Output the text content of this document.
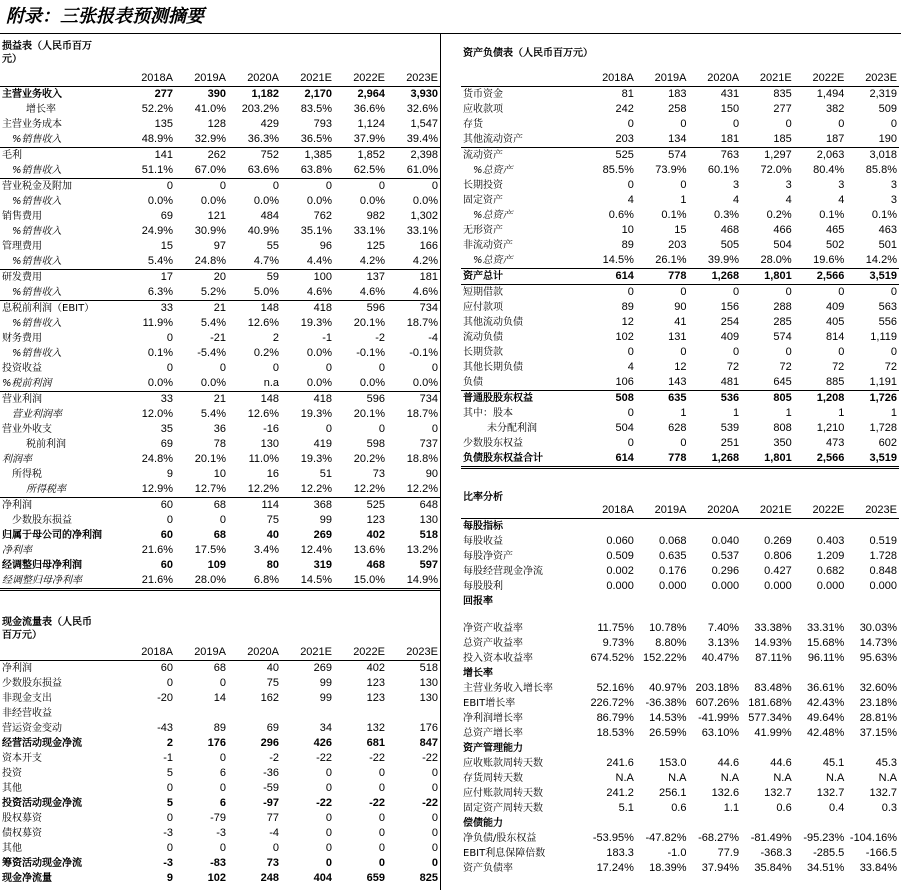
附录：三张报表预测摘要
损益表（人民币百万
元）
	2018A	2019A	2020A	2021E	2022E	2023E
主营业务收入	277	390	1,182	2,170	2,964	3,930
增长率	52.2%	41.0%	203.2%	83.5%	36.6%	32.6%
主营业务成本	135	128	429	793	1,124	1,547
%销售收入	48.9%	32.9%	36.3%	36.5%	37.9%	39.4%
毛利	141	262	752	1,385	1,852	2,398
%销售收入	51.1%	67.0%	63.6%	63.8%	62.5%	61.0%
营业税金及附加	0	0	0	0	0	0
%销售收入	0.0%	0.0%	0.0%	0.0%	0.0%	0.0%
销售费用	69	121	484	762	982	1,302
%销售收入	24.9%	30.9%	40.9%	35.1%	33.1%	33.1%
管理费用	15	97	55	96	125	166
%销售收入	5.4%	24.8%	4.7%	4.4%	4.2%	4.2%
研发费用	17	20	59	100	137	181
%销售收入	6.3%	5.2%	5.0%	4.6%	4.6%	4.6%
息税前利润（EBIT）	33	21	148	418	596	734
%销售收入	11.9%	5.4%	12.6%	19.3%	20.1%	18.7%
财务费用	0	-21	2	-1	-2	-4
%销售收入	0.1%	-5.4%	0.2%	0.0%	-0.1%	-0.1%
投资收益	0	0	0	0	0	0
%税前利润	0.0%	0.0%	n.a	0.0%	0.0%	0.0%
营业利润	33	21	148	418	596	734
营业利润率	12.0%	5.4%	12.6%	19.3%	20.1%	18.7%
营业外收支	35	36	-16	0	0	0
税前利润	69	78	130	419	598	737
利润率	24.8%	20.1%	11.0%	19.3%	20.2%	18.8%
所得税	9	10	16	51	73	90
所得税率	12.9%	12.7%	12.2%	12.2%	12.2%	12.2%
净利润	60	68	114	368	525	648
少数股东损益	0	0	75	99	123	130
归属于母公司的净利润	60	68	40	269	402	518
净利率	21.6%	17.5%	3.4%	12.4%	13.6%	13.2%
经调整归母净利润	60	109	80	319	468	597
经调整归母净利率	21.6%	28.0%	6.8%	14.5%	15.0%	14.9%
现金流量表（人民币
百万元）
	2018A	2019A	2020A	2021E	2022E	2023E
净利润	60	68	40	269	402	518
少数股东损益	0	0	75	99	123	130
非现金支出	-20	14	162	99	123	130
非经营收益						
营运资金变动	-43	89	69	34	132	176
经营活动现金净流	2	176	296	426	681	847
资本开支	-1	0	-2	-22	-22	-22
投资	5	6	-36	0	0	0
其他	0	0	-59	0	0	0
投资活动现金净流	5	6	-97	-22	-22	-22
股权募资	0	-79	77	0	0	0
债权募资	-3	-3	-4	0	0	0
其他	0	0	0	0	0	0
筹资活动现金净流	-3	-83	73	0	0	0
现金净流量	9	102	248	404	659	825
资产负债表（人民币百万元）
	2018A	2019A	2020A	2021E	2022E	2023E
货币资金	81	183	431	835	1,494	2,319
应收款项	242	258	150	277	382	509
存货	0	0	0	0	0	0
其他流动资产	203	134	181	185	187	190
流动资产	525	574	763	1,297	2,063	3,018
%总资产	85.5%	73.9%	60.1%	72.0%	80.4%	85.8%
长期投资	0	0	3	3	3	3
固定资产	4	1	4	4	4	3
%总资产	0.6%	0.1%	0.3%	0.2%	0.1%	0.1%
无形资产	10	15	468	466	465	463
非流动资产	89	203	505	504	502	501
%总资产	14.5%	26.1%	39.9%	28.0%	19.6%	14.2%
资产总计	614	778	1,268	1,801	2,566	3,519
短期借款	0	0	0	0	0	0
应付款项	89	90	156	288	409	563
其他流动负债	12	41	254	285	405	556
流动负债	102	131	409	574	814	1,119
长期贷款	0	0	0	0	0	0
其他长期负债	4	12	72	72	72	72
负债	106	143	481	645	885	1,191
普通股股东权益	508	635	536	805	1,208	1,726
其中：股本	0	1	1	1	1	1
未分配利润	504	628	539	808	1,210	1,728
少数股东权益	0	0	251	350	473	602
负债股东权益合计	614	778	1,268	1,801	2,566	3,519
比率分析
	2018A	2019A	2020A	2021E	2022E	2023E
每股指标						
每股收益	0.060	0.068	0.040	0.269	0.403	0.519
每股净资产	0.509	0.635	0.537	0.806	1.209	1.728
每股经营现金净流	0.002	0.176	0.296	0.427	0.682	0.848
每股股利	0.000	0.000	0.000	0.000	0.000	0.000
回报率						
净资产收益率	11.75%	10.78%	7.40%	33.38%	33.31%	30.03%
总资产收益率	9.73%	8.80%	3.13%	14.93%	15.68%	14.73%
投入资本收益率	674.52%	152.22%	40.47%	87.11%	96.11%	95.63%
增长率						
主营业务收入增长率	52.16%	40.97%	203.18%	83.48%	36.61%	32.60%
EBIT增长率	226.72%	-36.38%	607.26%	181.68%	42.43%	23.18%
净利润增长率	86.79%	14.53%	-41.99%	577.34%	49.64%	28.81%
总资产增长率	18.53%	26.59%	63.10%	41.99%	42.48%	37.15%
资产管理能力						
应收账款周转天数	241.6	153.0	44.6	44.6	45.1	45.3
存货周转天数	N.A	N.A	N.A	N.A	N.A	N.A
应付账款周转天数	241.2	256.1	132.6	132.7	132.7	132.7
固定资产周转天数	5.1	0.6	1.1	0.6	0.4	0.3
偿债能力						
净负债/股东权益	-53.95%	-47.82%	-68.27%	-81.49%	-95.23%	-104.16%
EBIT利息保障倍数	183.3	-1.0	77.9	-368.3	-285.5	-166.5
资产负债率	17.24%	18.39%	37.94%	35.84%	34.51%	33.84%
